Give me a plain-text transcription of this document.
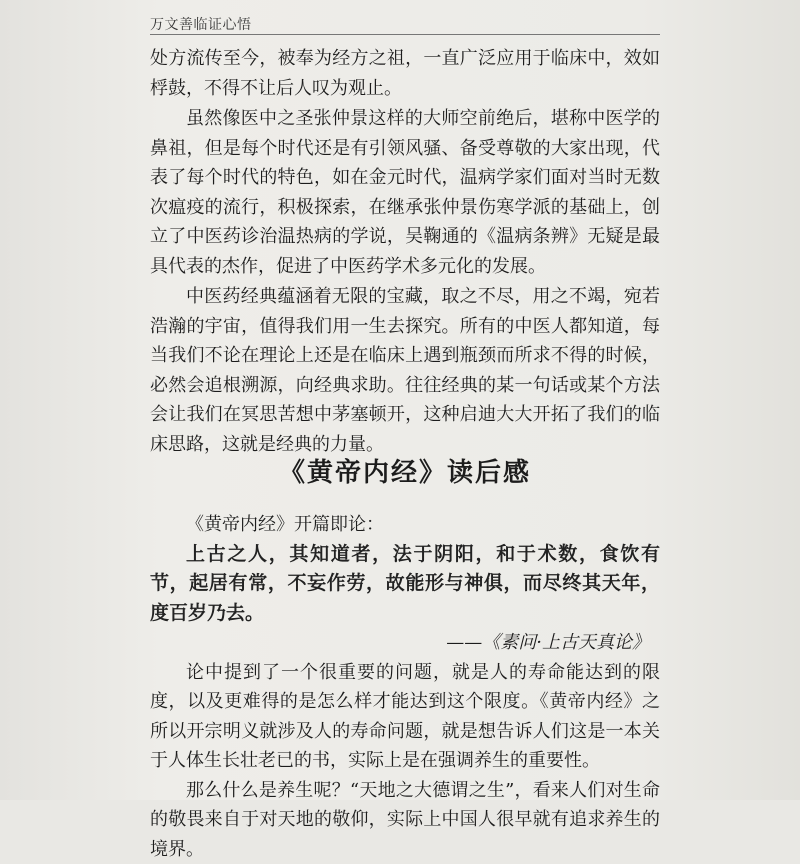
万文善临证心悟

处方流传至今，被奉为经方之祖，一直广泛应用于临床中，效如桴鼓，不得不让后人叹为观止。

虽然像医中之圣张仲景这样的大师空前绝后，堪称中医学的鼻祖，但是每个时代还是有引领风骚、备受尊敬的大家出现，代表了每个时代的特色，如在金元时代，温病学家们面对当时无数次瘟疫的流行，积极探索，在继承张仲景伤寒学派的基础上，创立了中医药诊治温热病的学说，吴鞠通的《温病条辨》无疑是最具代表的杰作，促进了中医药学术多元化的发展。

中医药经典蕴涵着无限的宝藏，取之不尽，用之不竭，宛若浩瀚的宇宙，值得我们用一生去探究。所有的中医人都知道，每当我们不论在理论上还是在临床上遇到瓶颈而所求不得的时候，必然会追根溯源，向经典求助。往往经典的某一句话或某个方法会让我们在冥思苦想中茅塞顿开，这种启迪大大开拓了我们的临床思路，这就是经典的力量。

《黄帝内经》读后感

《黄帝内经》开篇即论：

上古之人，其知道者，法于阴阳，和于术数，食饮有节，起居有常，不妄作劳，故能形与神俱，而尽终其天年，度百岁乃去。

——《素问·上古天真论》

论中提到了一个很重要的问题，就是人的寿命能达到的限度，以及更难得的是怎么样才能达到这个限度。《黄帝内经》之所以开宗明义就涉及人的寿命问题，就是想告诉人们这是一本关于人体生长壮老已的书，实际上是在强调养生的重要性。

那么什么是养生呢？“天地之大德谓之生”，看来人们对生命的敬畏来自于对天地的敬仰，实际上中国人很早就有追求养生的境界。
